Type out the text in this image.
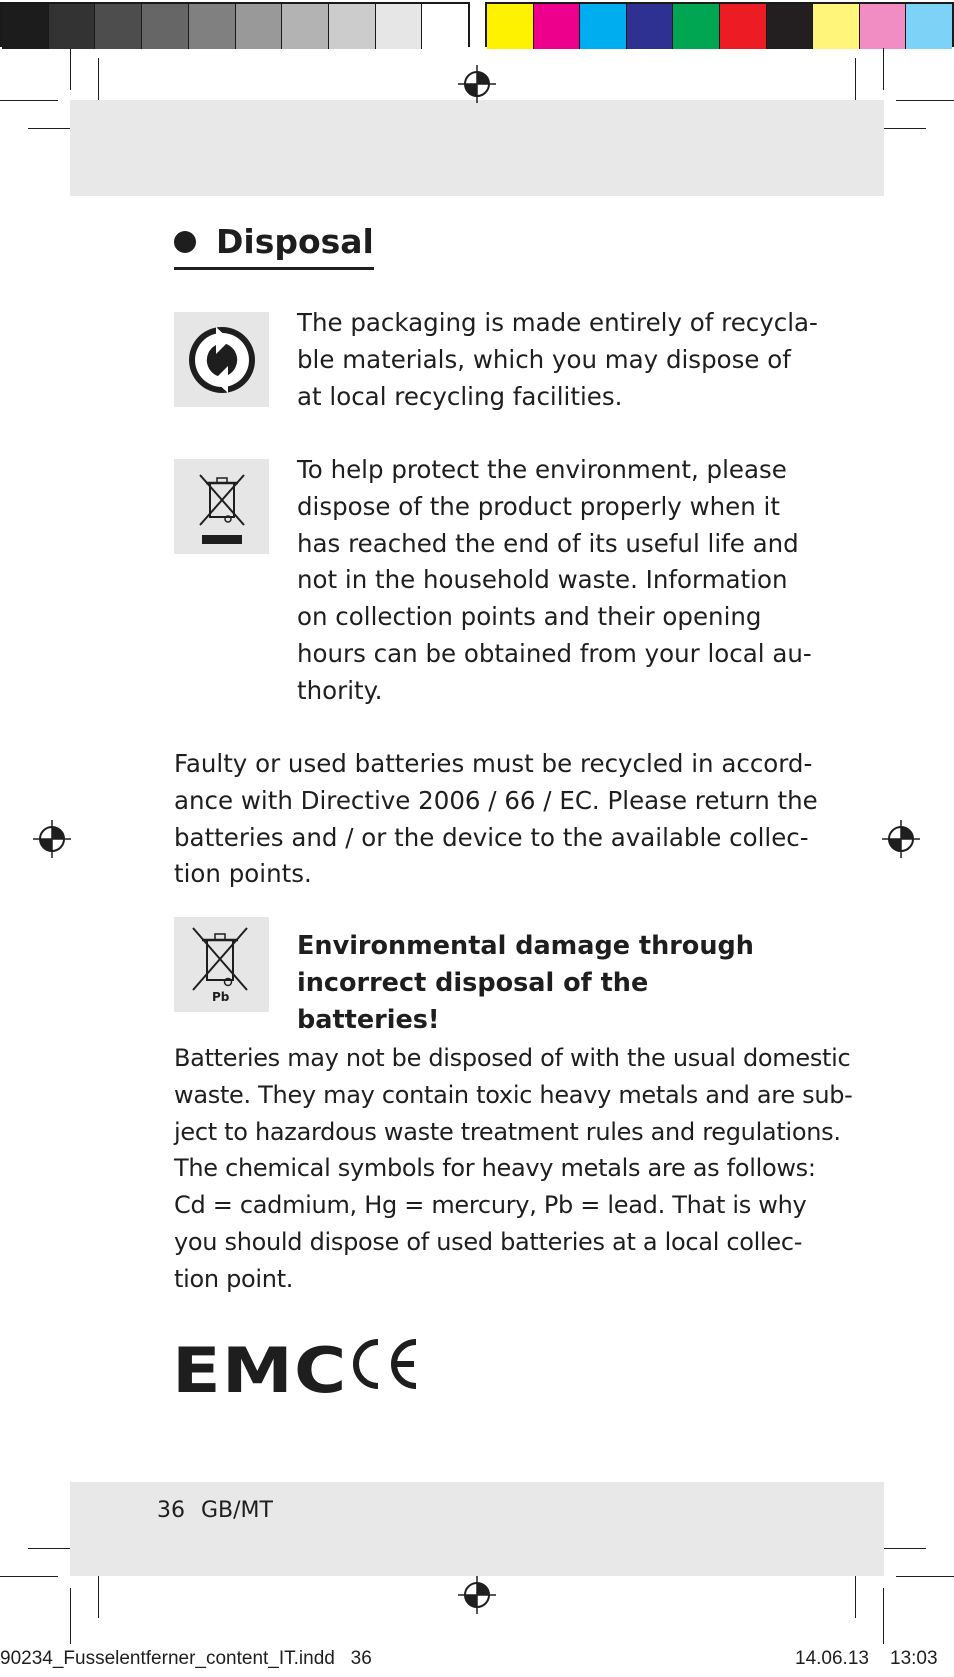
Disposal

The packaging is made entirely of recycla-
ble materials, which you may dispose of
at local recycling facilities.

To help protect the environment, please
dispose of the product properly when it
has reached the end of its useful life and
not in the household waste. Information
on collection points and their opening
hours can be obtained from your local au-
thority.

Faulty or used batteries must be recycled in accord-
ance with Directive 2006 / 66 / EC. Please return the
batteries and / or the device to the available collec-
tion points.

Pb
Environmental damage through
incorrect disposal of the batteries!

Batteries may not be disposed of with the usual domestic
waste. They may contain toxic heavy metals and are sub-
ject to hazardous waste treatment rules and regulations.
The chemical symbols for heavy metals are as follows:
Cd = cadmium, Hg = mercury, Pb = lead. That is why
you should dispose of used batteries at a local collec-
tion point.

EMC
36 GB/MT
90234_Fusselentferner_content_IT.indd   36	14.06.13 13:03
